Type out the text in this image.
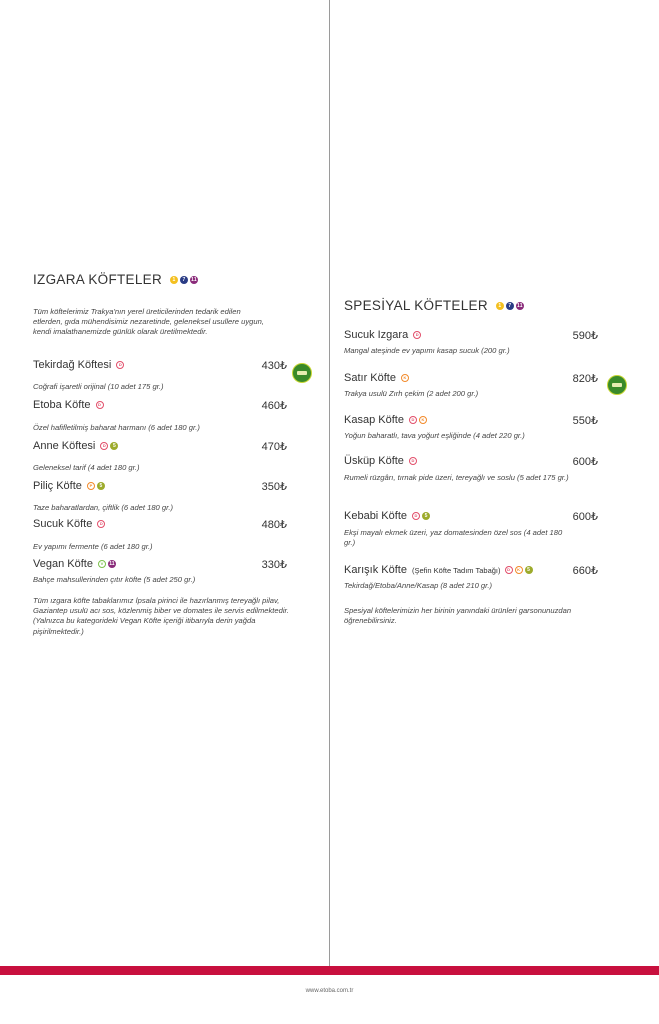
IZGARA KÖFTELER	1	7	11
Tüm köftelerimiz Trakya'nın yerel üreticilerinden tedarik edilen etlerden, gıda mühendisimiz nezaretinde, geleneksel usullere uygun, kendi imalathanemizde günlük olarak üretilmektedir.
Tekirdağ Köftesi	D	430₺
Coğrafi işaretli orijinal (10 adet 175 gr.)
Etoba Köfte	D	460₺
Özel hafifletilmiş baharat harmanı (6 adet 180 gr.)
Anne Köftesi	D	5	470₺
Geleneksel tarif (4 adet 180 gr.)
Piliç Köfte	P	5	350₺
Taze baharatlardan, çiftlik (6 adet 180 gr.)
Sucuk Köfte	D	480₺
Ev yapımı fermente (6 adet 180 gr.)
Vegan Köfte	V	11	330₺
Bahçe mahsullerinden çıtır köfte (5 adet 250 gr.)
Tüm ızgara köfte tabaklarımız İpsala pirinci ile hazırlanmış tereyağlı pilav, Gaziantep usulü acı sos, közlenmiş biber ve domates ile servis edilmektedir. (Yalnızca bu kategorideki Vegan Köfte içeriği itibarıyla derin yağda pişirilmektedir.)
SPESİYAL KÖFTELER	1	7	11
Sucuk Izgara	D	590₺
Mangal ateşinde ev yapımı kasap sucuk (200 gr.)
Satır Köfte	K	820₺
Trakya usulü Zırh çekim (2 adet 200 gr.)
Kasap Köfte	D	K	550₺
Yoğun baharatlı, tava yoğurt eşliğinde (4 adet 220 gr.)
Üsküp Köfte	D	600₺
Rumeli rüzgârı, tırnak pide üzeri, tereyağlı ve soslu (5 adet 175 gr.)
Kebabi Köfte	D	5	600₺
Ekşi mayalı ekmek üzeri, yaz domatesinden özel sos (4 adet 180 gr.)
Karışık Köfte (Şefin Köfte Tadım Tabağı)	D	K	5	660₺
Tekirdağ/Etoba/Anne/Kasap (8 adet 210 gr.)
Spesiyal köftelerimizin her birinin yanındaki ürünleri garsonunuzdan öğrenebilirsiniz.
www.etoba.com.tr
